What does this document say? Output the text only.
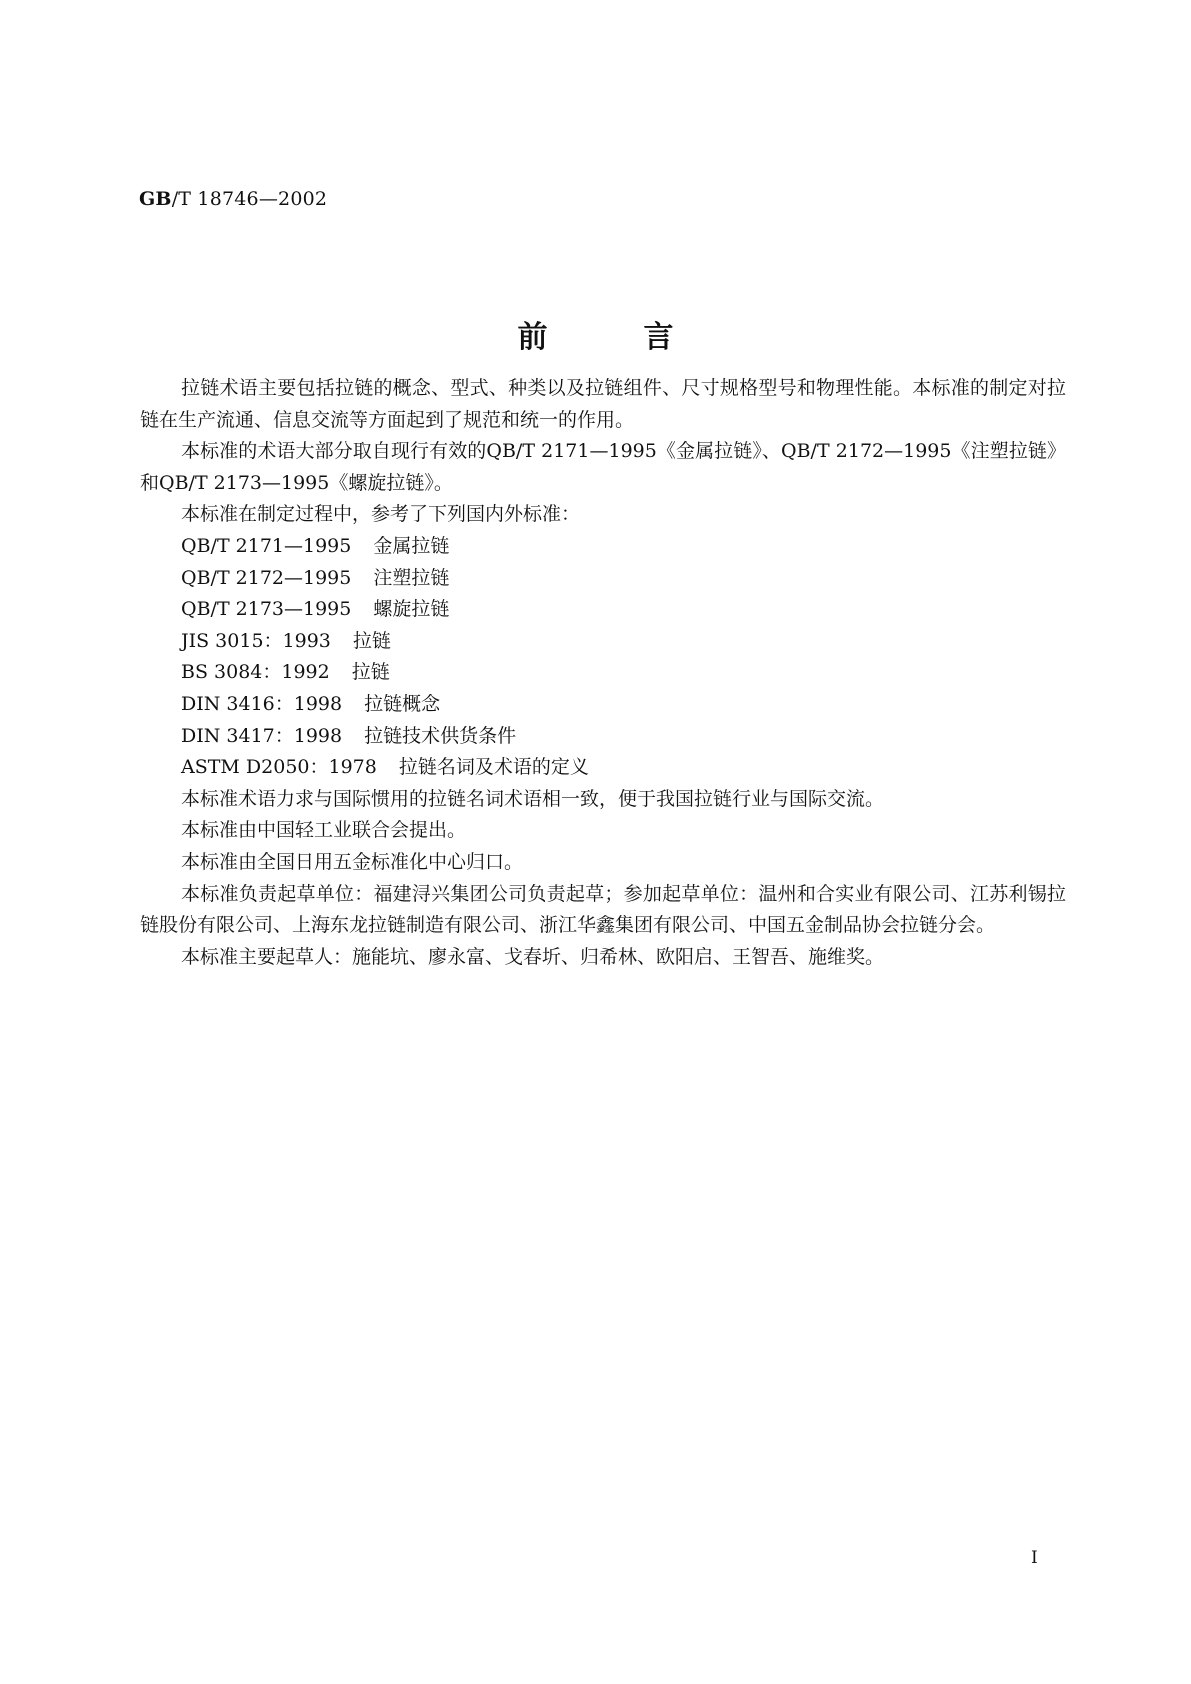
GB/T 18746—2002
前言

拉链术语主要包括拉链的概念、型式、种类以及拉链组件、尺寸规格型号和物理性能。本标准的制定对拉链在生产流通、信息交流等方面起到了规范和统一的作用。

本标准的术语大部分取自现行有效的QB/T 2171—1995《金属拉链》、QB/T 2172—1995《注塑拉链》和QB/T 2173—1995《螺旋拉链》。

本标准在制定过程中，参考了下列国内外标准：

QB/T 2171—1995 金属拉链

QB/T 2172—1995 注塑拉链

QB/T 2173—1995 螺旋拉链

JIS 3015：1993 拉链

BS 3084：1992 拉链

DIN 3416：1998 拉链概念

DIN 3417：1998 拉链技术供货条件

ASTM D2050：1978 拉链名词及术语的定义

本标准术语力求与国际惯用的拉链名词术语相一致，便于我国拉链行业与国际交流。

本标准由中国轻工业联合会提出。

本标准由全国日用五金标准化中心归口。

本标准负责起草单位：福建浔兴集团公司负责起草；参加起草单位：温州和合实业有限公司、江苏利锡拉链股份有限公司、上海东龙拉链制造有限公司、浙江华鑫集团有限公司、中国五金制品协会拉链分会。

本标准主要起草人：施能坑、廖永富、戈春圻、归希林、欧阳启、王智吾、施维奖。

I
